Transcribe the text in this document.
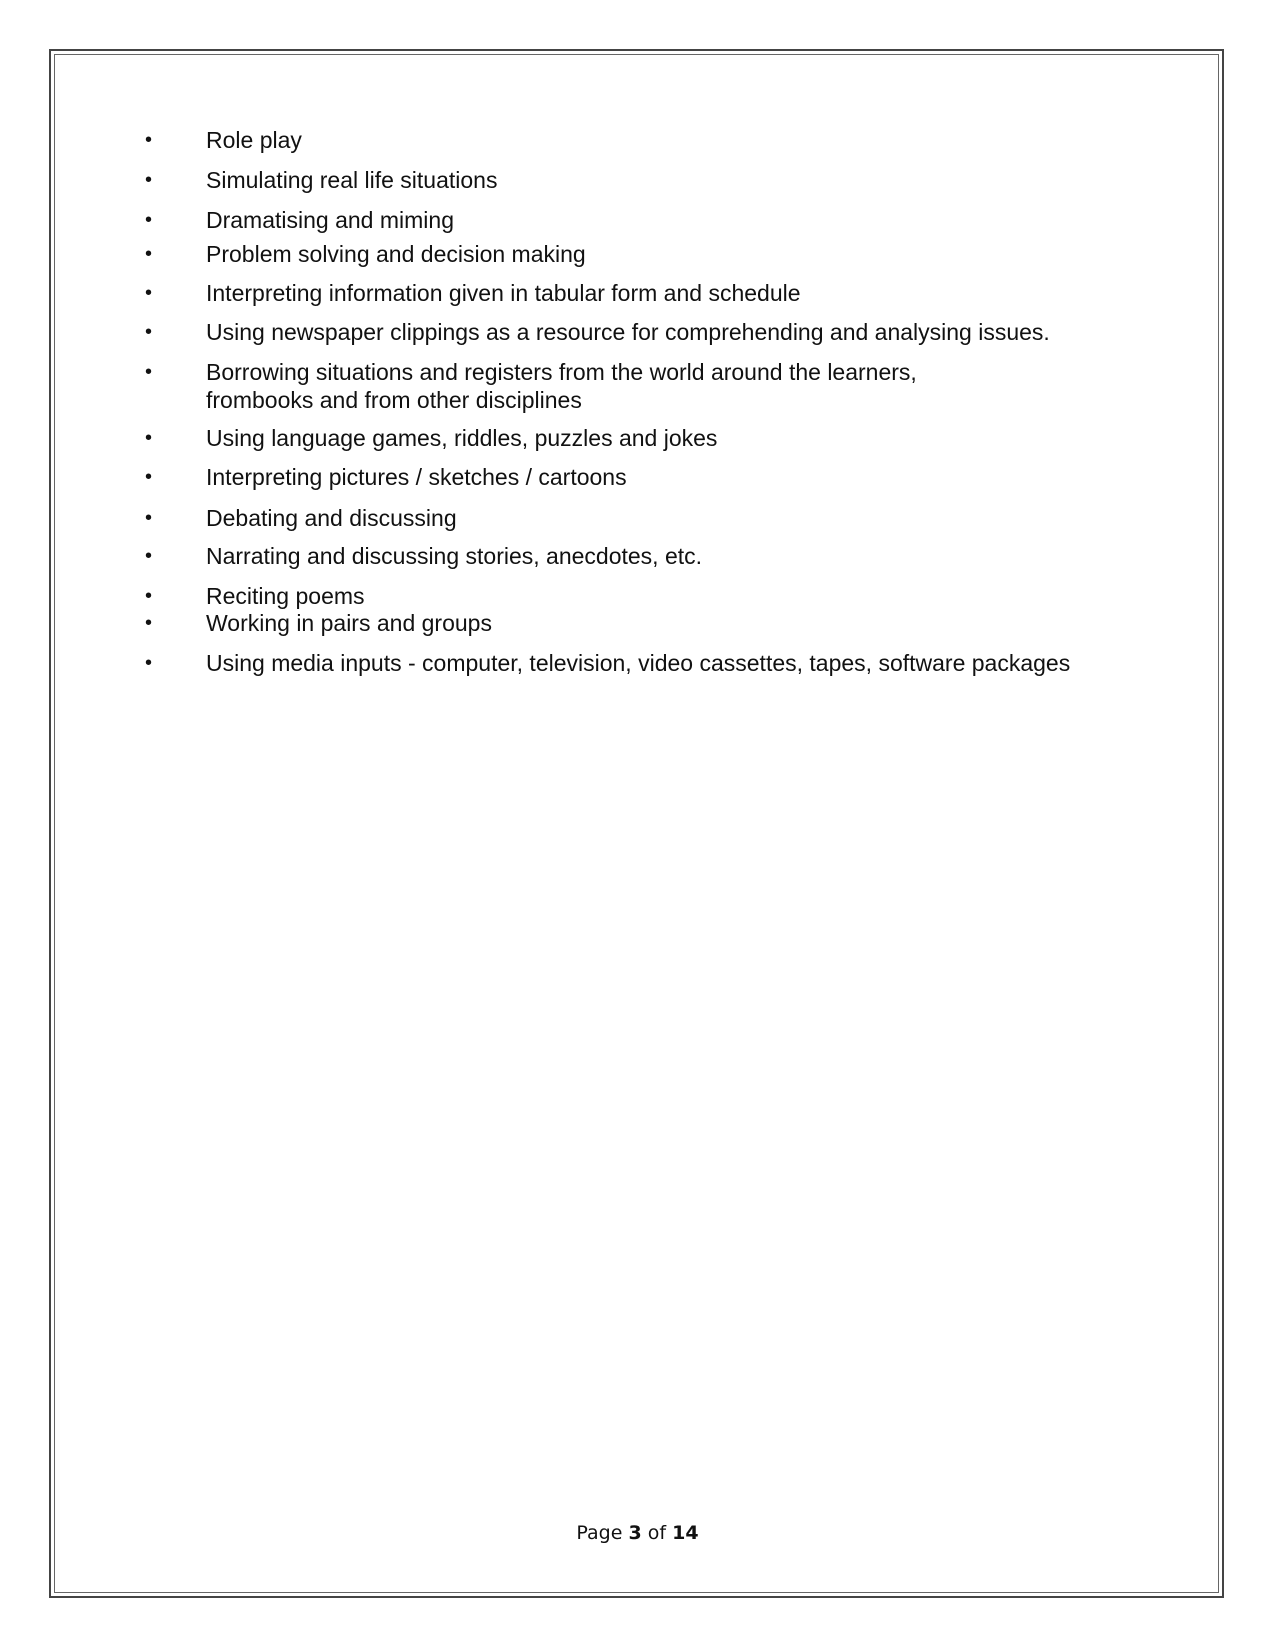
•	Role play
•	Simulating real life situations
•	Dramatising and miming
•	Problem solving and decision making
•	Interpreting information given in tabular form and schedule
•	Using newspaper clippings as a resource for comprehending and analysing issues.
•	Borrowing situations and registers from the world around the learners,
frombooks and from other disciplines
•	Using language games, riddles, puzzles and jokes
•	Interpreting pictures / sketches / cartoons
•	Debating and discussing
•	Narrating and discussing stories, anecdotes, etc.
•	Reciting poems
•	Working in pairs and groups
•	Using media inputs - computer, television, video cassettes, tapes, software packages
Page 3 of 14
